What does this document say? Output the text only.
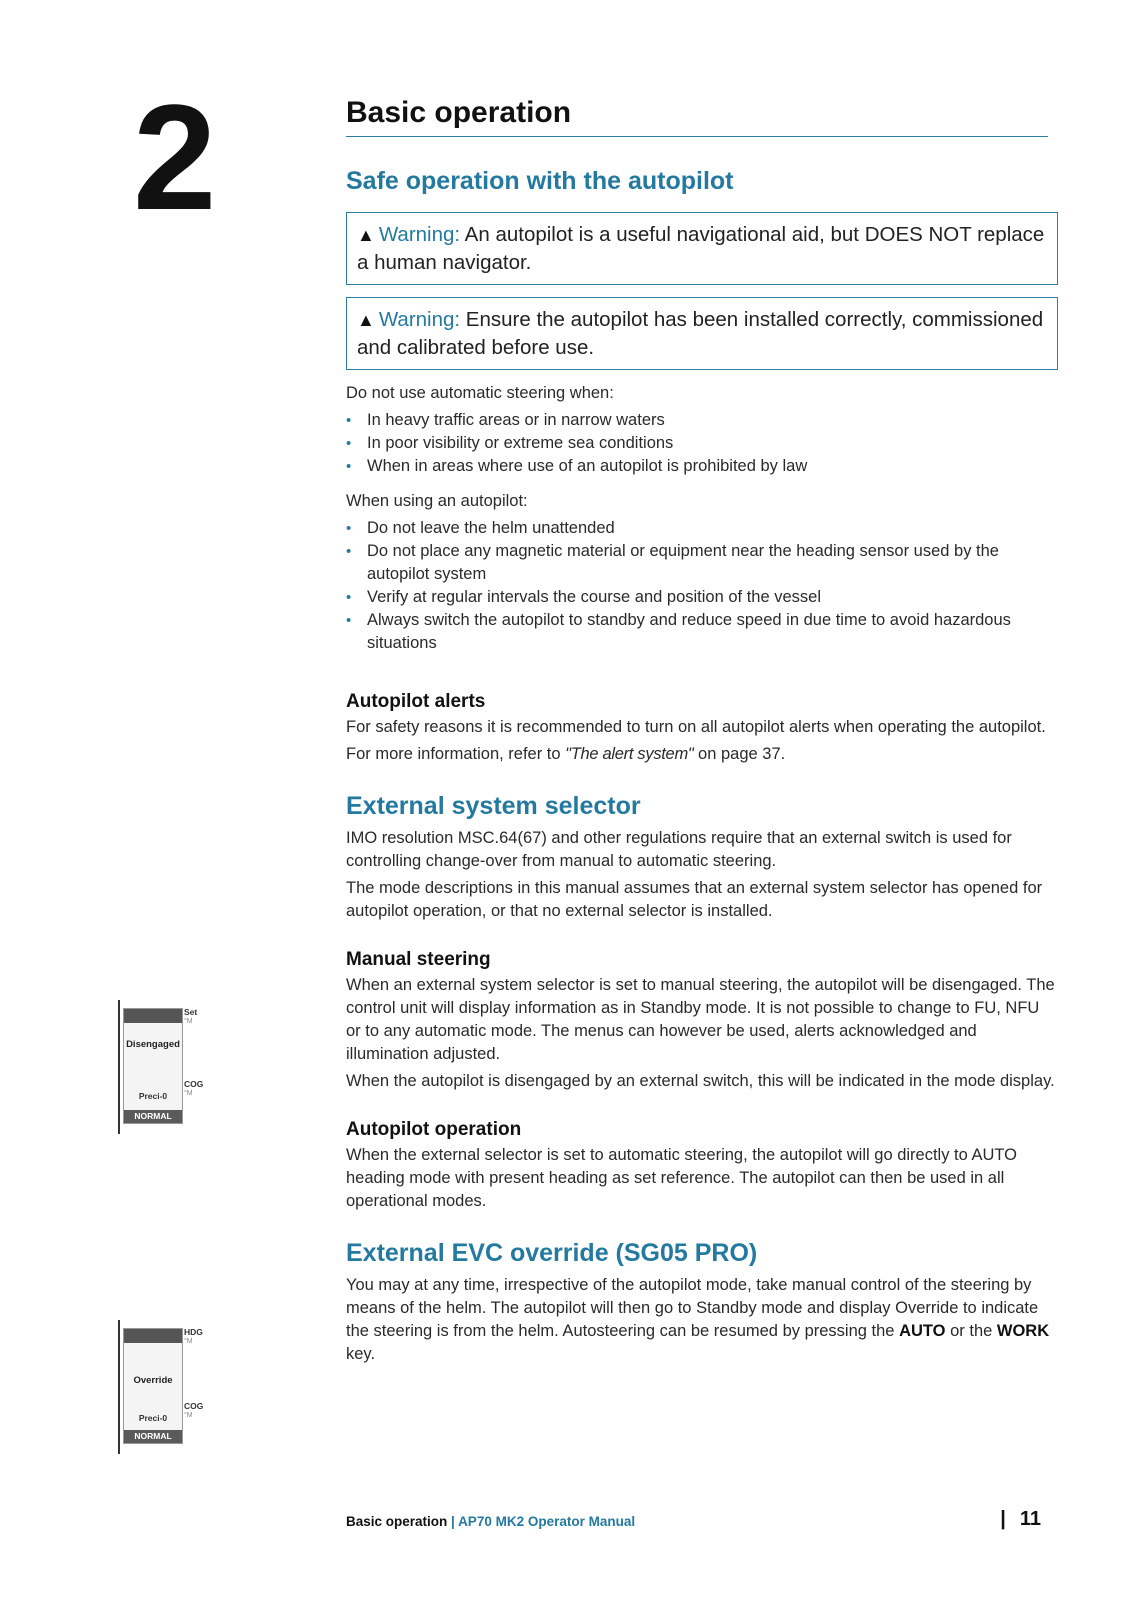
2	Basic operation
Safe operation with the autopilot
▲ Warning: An autopilot is a useful navigational aid, but DOES NOT replace a human navigator.
▲ Warning: Ensure the autopilot has been installed correctly, commissioned and calibrated before use.

Do not use automatic steering when:

• In heavy traffic areas or in narrow waters
• In poor visibility or extreme sea conditions
• When in areas where use of an autopilot is prohibited by law

When using an autopilot:

• Do not leave the helm unattended
• Do not place any magnetic material or equipment near the heading sensor used by the autopilot system
• Verify at regular intervals the course and position of the vessel
• Always switch the autopilot to standby and reduce speed in due time to avoid hazardous situations
Autopilot alerts

For safety reasons it is recommended to turn on all autopilot alerts when operating the autopilot.

For more information, refer to "The alert system" on page 37.

External system selector

IMO resolution MSC.64(67) and other regulations require that an external switch is used for controlling change-over from manual to automatic steering.

The mode descriptions in this manual assumes that an external system selector has opened for autopilot operation, or that no external selector is installed.

Manual steering

When an external system selector is set to manual steering, the autopilot will be disengaged. The control unit will display information as in Standby mode. It is not possible to change to FU, NFU or to any automatic mode. The menus can however be used, alerts acknowledged and illumination adjusted.

When the autopilot is disengaged by an external switch, this will be indicated in the mode display.

Autopilot operation

When the external selector is set to automatic steering, the autopilot will go directly to AUTO heading mode with present heading as set reference. The autopilot can then be used in all operational modes.

External EVC override (SG05 PRO)

You may at any time, irrespective of the autopilot mode, take manual control of the steering by means of the helm. The autopilot will then go to Standby mode and display Override to indicate the steering is from the helm. Autosteering can be resumed by pressing the AUTO or the WORK key.

Disengaged
Preci-0
NORMAL
Set
°M
COG
°M
Override
Preci-0
NORMAL
HDG
°M
COG
°M
Basic operation | AP70 MK2 Operator Manual	| 11
